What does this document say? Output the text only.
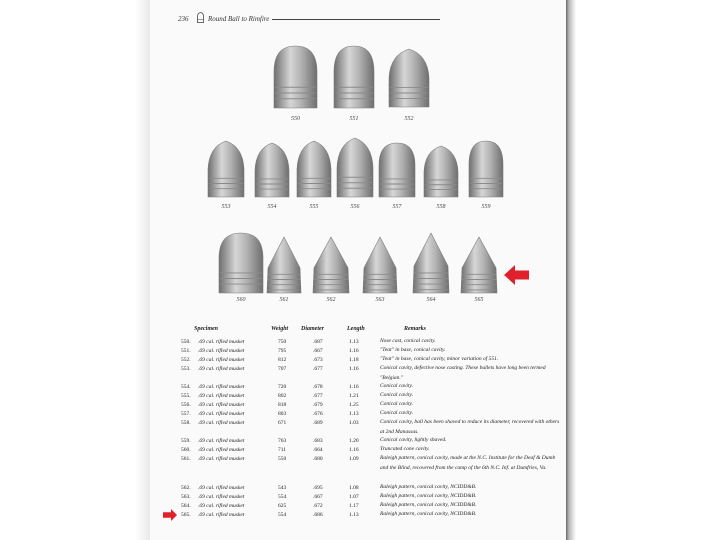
236	Round Ball to Rimfire
550	551	552
553	554	555	556	557	558	559
560	561	562	563	564	565
Specimen	Weight Diameter	Length	Remarks
550. .69 cal. rifled musket	750	.687	1.13	Nose cast, conical cavity.
551. .69 cal. rifled musket	795	.667	1.16	"Teat" in base, conical cavity.
552. .69 cal. rifled musket	812	.673	1.18	"Teat" in base, conical cavity, minor variation of 551.
553. .69 cal. rifled musket	707	.677	1.16	Conical cavity, defective nose casting. These bullets have long been termed "Belgian."
554. .69 cal. rifled musket	720	.678	1.16	Conical cavity.
555. .69 cal. rifled musket	802	.677	1.21	Conical cavity.
556. .69 cal. rifled musket	818	.679	1.25	Conical cavity.
557. .69 cal. rifled musket	803	.676	1.13	Conical cavity.
558. .69 cal. rifled musket	671	.689	1.03	Conical cavity, ball has been shaved to reduce its diameter, recovered with others at 2nd Manassas.
559. .69 cal. rifled musket	763	.683	1.20	Conical cavity, lightly shaved.
560. .69 cal. rifled musket	711	.664	1.16	Truncated cone cavity.
561. .69 cal. rifled musket	550	.680	1.09	Raleigh pattern, conical cavity, made at the N.C. Institute for the Deaf & Dumb and the Blind, recovered from the camp of the 6th N.C. Inf. at Dumfries, Va.
562. .69 cal. rifled musket	543	.695	1.08	Raleigh pattern, conical cavity, NCIDD&B.
563. .69 cal. rifled musket	554	.667	1.07	Raleigh pattern, conical cavity, NCIDD&B.
564. .69 cal. rifled musket	625	.672	1.17	Raleigh pattern, conical cavity, NCIDD&B.
565. .69 cal. rifled musket	554	.686	1.13	Raleigh pattern, conical cavity, NCIDD&B.
